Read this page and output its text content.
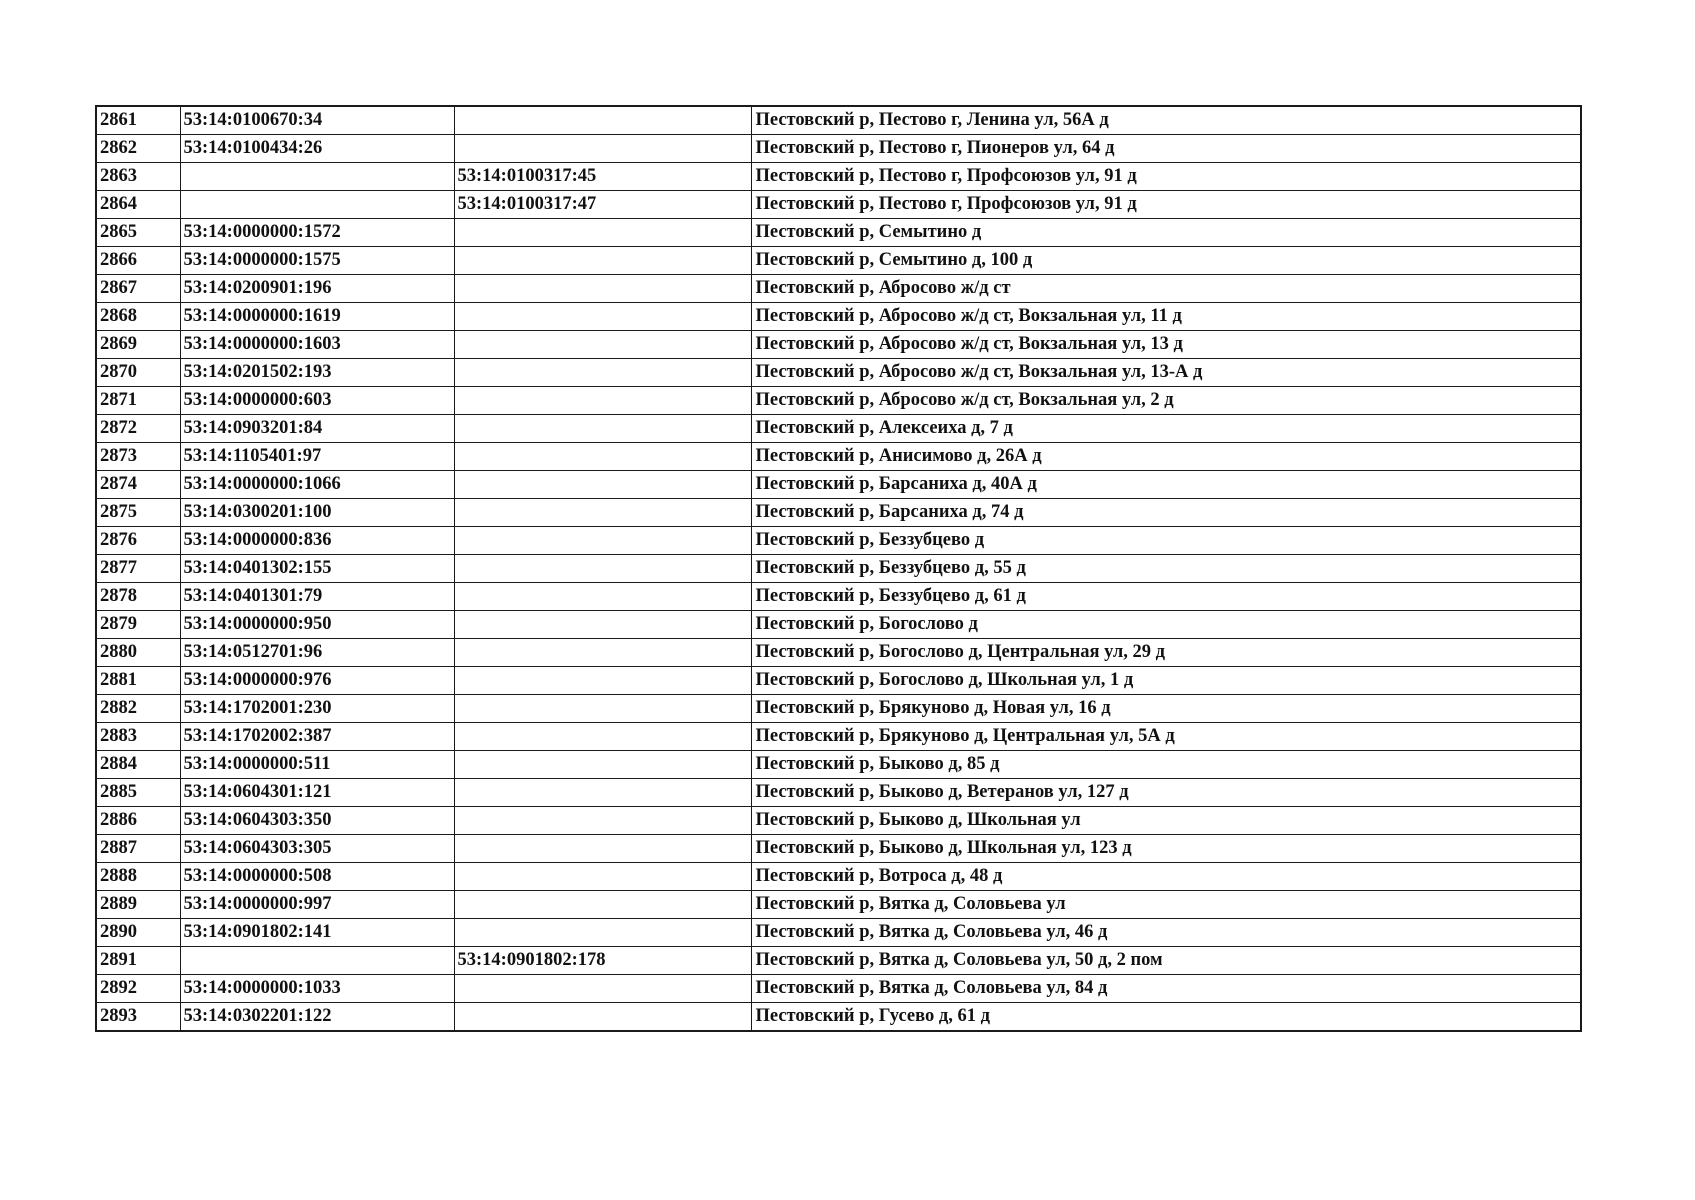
2861	53:14:0100670:34		Пестовский р, Пестово г, Ленина ул, 56А д
2862	53:14:0100434:26		Пестовский р, Пестово г, Пионеров ул, 64 д
2863		53:14:0100317:45	Пестовский р, Пестово г, Профсоюзов ул, 91 д
2864		53:14:0100317:47	Пестовский р, Пестово г, Профсоюзов ул, 91 д
2865	53:14:0000000:1572		Пестовский р, Семытино д
2866	53:14:0000000:1575		Пестовский р, Семытино д, 100 д
2867	53:14:0200901:196		Пестовский р, Абросово ж/д ст
2868	53:14:0000000:1619		Пестовский р, Абросово ж/д ст, Вокзальная ул, 11 д
2869	53:14:0000000:1603		Пестовский р, Абросово ж/д ст, Вокзальная ул, 13 д
2870	53:14:0201502:193		Пестовский р, Абросово ж/д ст, Вокзальная ул, 13-А д
2871	53:14:0000000:603		Пестовский р, Абросово ж/д ст, Вокзальная ул, 2 д
2872	53:14:0903201:84		Пестовский р, Алексеиха д, 7 д
2873	53:14:1105401:97		Пестовский р, Анисимово д, 26А д
2874	53:14:0000000:1066		Пестовский р, Барсаниха д, 40А д
2875	53:14:0300201:100		Пестовский р, Барсаниха д, 74 д
2876	53:14:0000000:836		Пестовский р, Беззубцево д
2877	53:14:0401302:155		Пестовский р, Беззубцево д, 55 д
2878	53:14:0401301:79		Пестовский р, Беззубцево д, 61 д
2879	53:14:0000000:950		Пестовский р, Богослово д
2880	53:14:0512701:96		Пестовский р, Богослово д, Центральная ул, 29 д
2881	53:14:0000000:976		Пестовский р, Богослово д, Школьная ул, 1 д
2882	53:14:1702001:230		Пестовский р, Брякуново д, Новая ул, 16 д
2883	53:14:1702002:387		Пестовский р, Брякуново д, Центральная ул, 5А д
2884	53:14:0000000:511		Пестовский р, Быково д, 85 д
2885	53:14:0604301:121		Пестовский р, Быково д, Ветеранов ул, 127 д
2886	53:14:0604303:350		Пестовский р, Быково д, Школьная ул
2887	53:14:0604303:305		Пестовский р, Быково д, Школьная ул, 123 д
2888	53:14:0000000:508		Пестовский р, Вотроса д, 48 д
2889	53:14:0000000:997		Пестовский р, Вятка д, Соловьева ул
2890	53:14:0901802:141		Пестовский р, Вятка д, Соловьева ул, 46 д
2891		53:14:0901802:178	Пестовский р, Вятка д, Соловьева ул, 50 д, 2 пом
2892	53:14:0000000:1033		Пестовский р, Вятка д, Соловьева ул, 84 д
2893	53:14:0302201:122		Пестовский р, Гусево д, 61 д
